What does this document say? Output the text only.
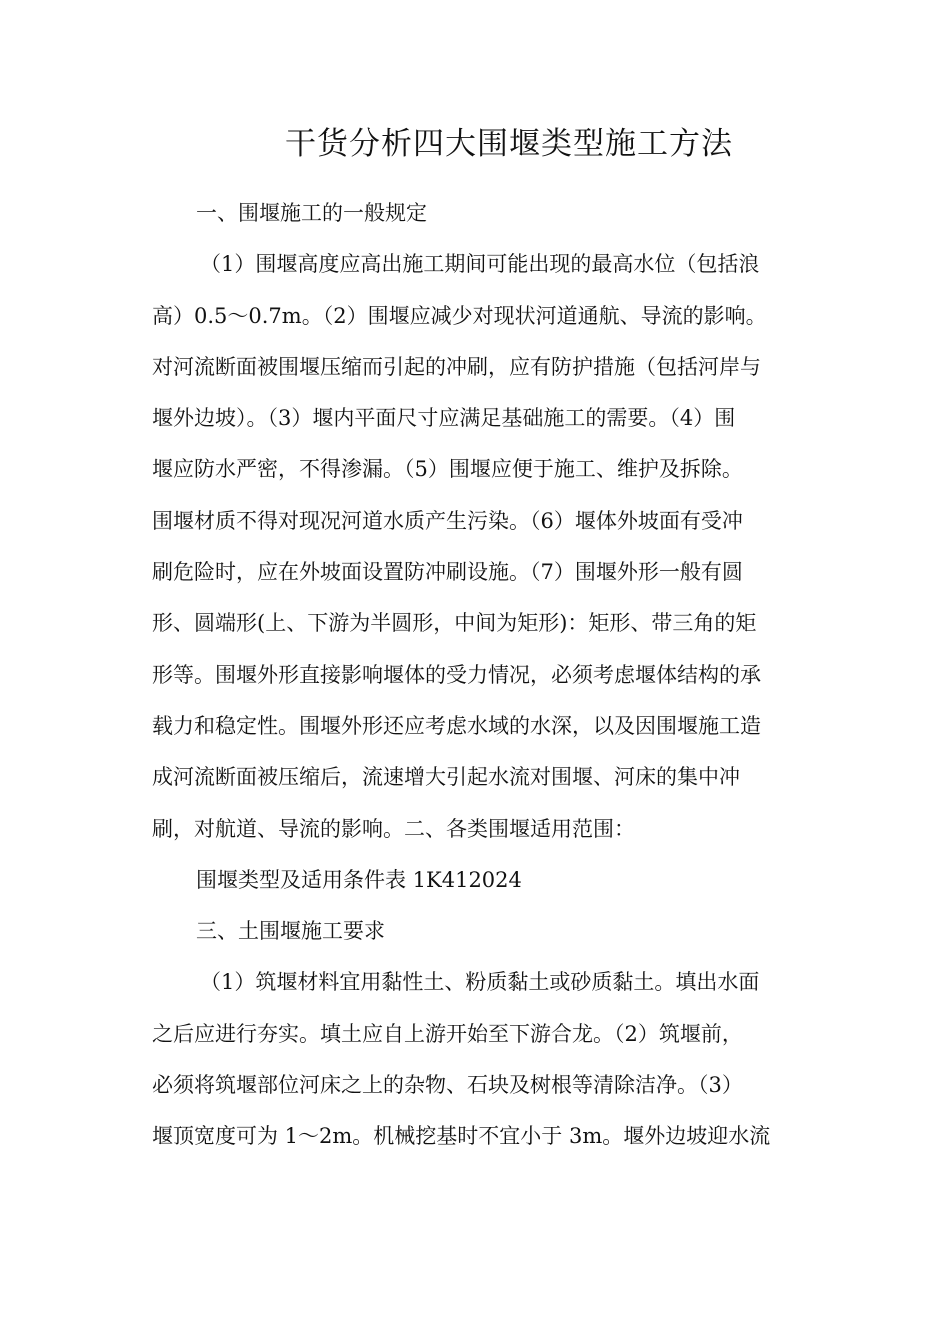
干货分析四大围堰类型施工方法
一、围堰施工的一般规定
（1）围堰高度应高出施工期间可能出现的最高水位（包括浪
高）0.5～0.7m。（2）围堰应减少对现状河道通航、导流的影响。
对河流断面被围堰压缩而引起的冲刷，应有防护措施（包括河岸与
堰外边坡）。（3）堰内平面尺寸应满足基础施工的需要。（4）围
堰应防水严密，不得渗漏。（5）围堰应便于施工、维护及拆除。
围堰材质不得对现况河道水质产生污染。（6）堰体外坡面有受冲
刷危险时，应在外坡面设置防冲刷设施。（7）围堰外形一般有圆
形、圆端形(上、下游为半圆形，中间为矩形)：矩形、带三角的矩
形等。围堰外形直接影响堰体的受力情况，必须考虑堰体结构的承
载力和稳定性。围堰外形还应考虑水域的水深，以及因围堰施工造
成河流断面被压缩后，流速增大引起水流对围堰、河床的集中冲
刷，对航道、导流的影响。二、各类围堰适用范围：
围堰类型及适用条件表 1K412024
三、土围堰施工要求
（1）筑堰材料宜用黏性土、粉质黏土或砂质黏土。填出水面
之后应进行夯实。填土应自上游开始至下游合龙。（2）筑堰前，
必须将筑堰部位河床之上的杂物、石块及树根等清除洁净。（3）
堰顶宽度可为 1～2m。机械挖基时不宜小于 3m。堰外边坡迎水流
